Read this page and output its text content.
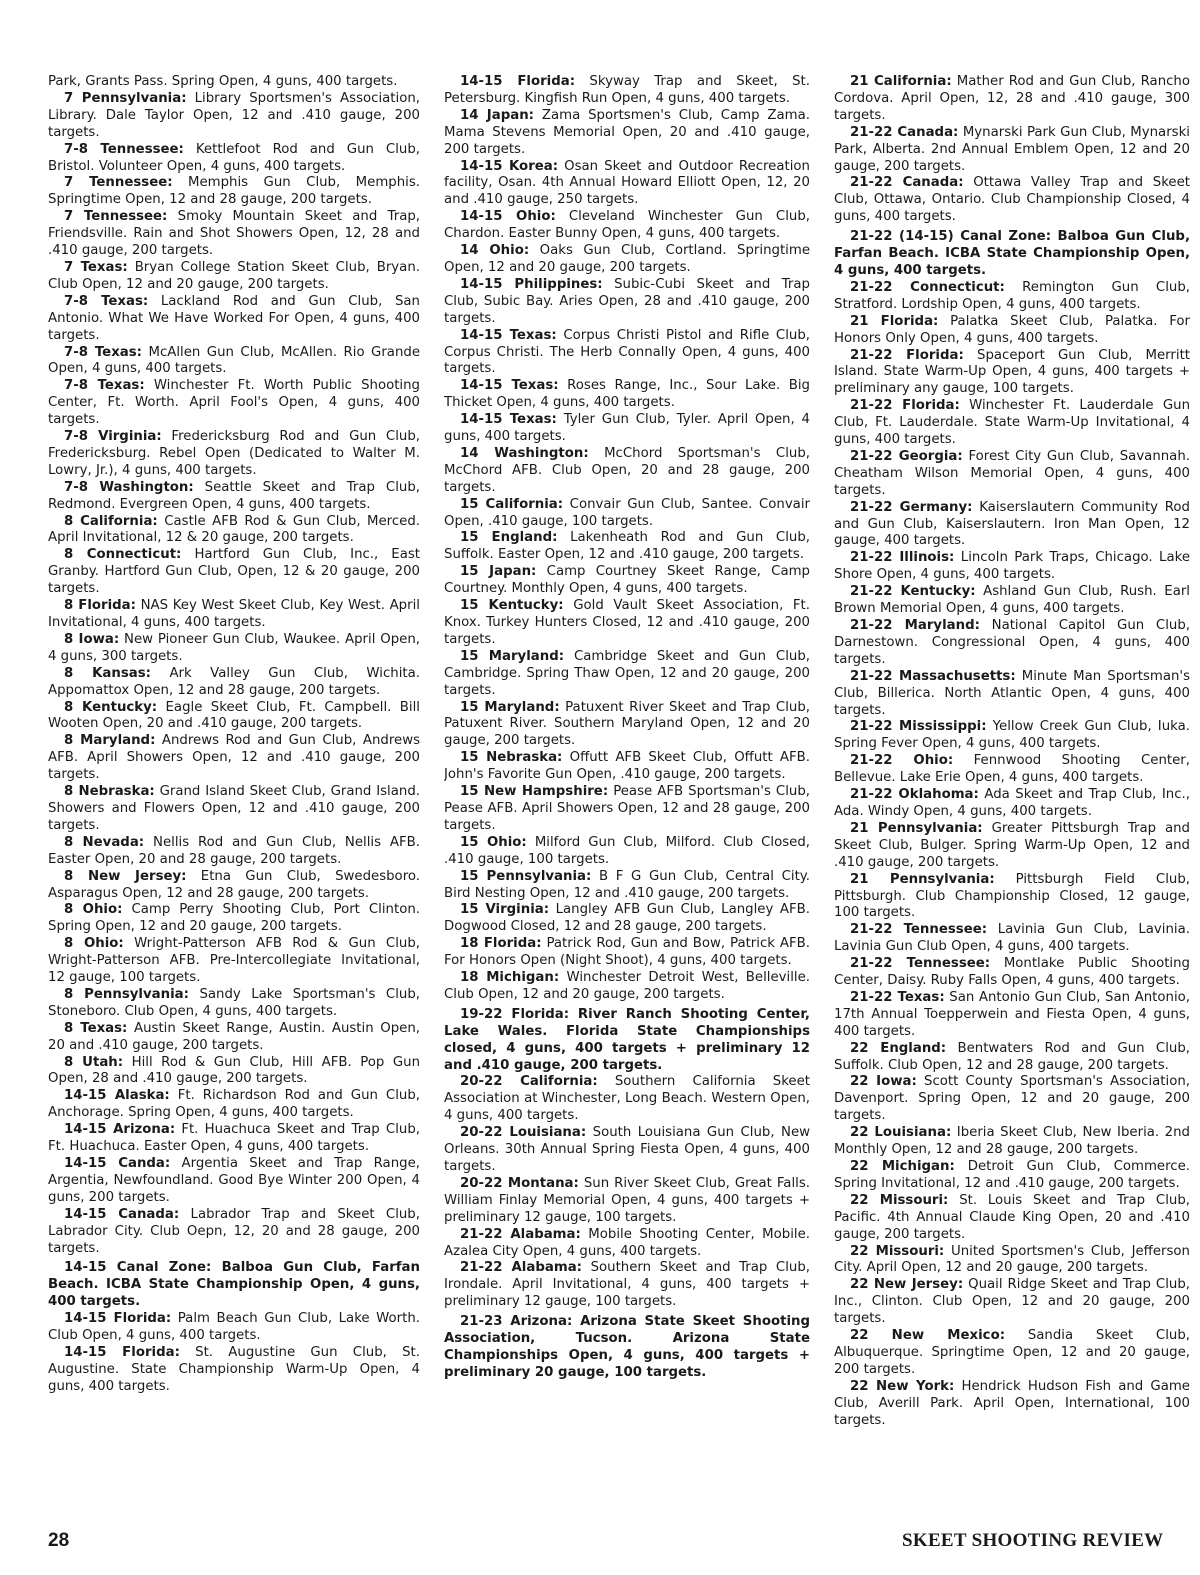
Park, Grants Pass. Spring Open, 4 guns, 400 targets.

7 Pennsylvania: Library Sportsmen's Association, Library. Dale Taylor Open, 12 and .410 gauge, 200 targets.

7-8 Tennessee: Kettlefoot Rod and Gun Club, Bristol. Volunteer Open, 4 guns, 400 targets.

7 Tennessee: Memphis Gun Club, Memphis. Springtime Open, 12 and 28 gauge, 200 targets.

7 Tennessee: Smoky Mountain Skeet and Trap, Friendsville. Rain and Shot Showers Open, 12, 28 and .410 gauge, 200 targets.

7 Texas: Bryan College Station Skeet Club, Bryan. Club Open, 12 and 20 gauge, 200 targets.

7-8 Texas: Lackland Rod and Gun Club, San Antonio. What We Have Worked For Open, 4 guns, 400 targets.

7-8 Texas: McAllen Gun Club, McAllen. Rio Grande Open, 4 guns, 400 targets.

7-8 Texas: Winchester Ft. Worth Public Shooting Center, Ft. Worth. April Fool's Open, 4 guns, 400 targets.

7-8 Virginia: Fredericksburg Rod and Gun Club, Fredericksburg. Rebel Open (Dedicated to Walter M. Lowry, Jr.), 4 guns, 400 targets.

7-8 Washington: Seattle Skeet and Trap Club, Redmond. Evergreen Open, 4 guns, 400 targets.

8 California: Castle AFB Rod & Gun Club, Merced. April Invitational, 12 & 20 gauge, 200 targets.

8 Connecticut: Hartford Gun Club, Inc., East Granby. Hartford Gun Club, Open, 12 & 20 gauge, 200 targets.

8 Florida: NAS Key West Skeet Club, Key West. April Invitational, 4 guns, 400 targets.

8 Iowa: New Pioneer Gun Club, Waukee. April Open, 4 guns, 300 targets.

8 Kansas: Ark Valley Gun Club, Wichita. Appomattox Open, 12 and 28 gauge, 200 targets.

8 Kentucky: Eagle Skeet Club, Ft. Campbell. Bill Wooten Open, 20 and .410 gauge, 200 targets.

8 Maryland: Andrews Rod and Gun Club, Andrews AFB. April Showers Open, 12 and .410 gauge, 200 targets.

8 Nebraska: Grand Island Skeet Club, Grand Island. Showers and Flowers Open, 12 and .410 gauge, 200 targets.

8 Nevada: Nellis Rod and Gun Club, Nellis AFB. Easter Open, 20 and 28 gauge, 200 targets.

8 New Jersey: Etna Gun Club, Swedesboro. Asparagus Open, 12 and 28 gauge, 200 targets.

8 Ohio: Camp Perry Shooting Club, Port Clinton. Spring Open, 12 and 20 gauge, 200 targets.

8 Ohio: Wright-Patterson AFB Rod & Gun Club, Wright-Patterson AFB. Pre-Intercollegiate Invitational, 12 gauge, 100 targets.

8 Pennsylvania: Sandy Lake Sportsman's Club, Stoneboro. Club Open, 4 guns, 400 targets.

8 Texas: Austin Skeet Range, Austin. Austin Open, 20 and .410 gauge, 200 targets.

8 Utah: Hill Rod & Gun Club, Hill AFB. Pop Gun Open, 28 and .410 gauge, 200 targets.

14-15 Alaska: Ft. Richardson Rod and Gun Club, Anchorage. Spring Open, 4 guns, 400 targets.

14-15 Arizona: Ft. Huachuca Skeet and Trap Club, Ft. Huachuca. Easter Open, 4 guns, 400 targets.

14-15 Canda: Argentia Skeet and Trap Range, Argentia, Newfoundland. Good Bye Winter 200 Open, 4 guns, 200 targets.

14-15 Canada: Labrador Trap and Skeet Club, Labrador City. Club Oepn, 12, 20 and 28 gauge, 200 targets.

14-15 Canal Zone: Balboa Gun Club, Farfan Beach. ICBA State Championship Open, 4 guns, 400 targets.

14-15 Florida: Palm Beach Gun Club, Lake Worth. Club Open, 4 guns, 400 targets.

14-15 Florida: St. Augustine Gun Club, St. Augustine. State Championship Warm-Up Open, 4 guns, 400 targets.

14-15 Florida: Skyway Trap and Skeet, St. Petersburg. Kingfish Run Open, 4 guns, 400 targets.

14 Japan: Zama Sportsmen's Club, Camp Zama. Mama Stevens Memorial Open, 20 and .410 gauge, 200 targets.

14-15 Korea: Osan Skeet and Outdoor Recreation facility, Osan. 4th Annual Howard Elliott Open, 12, 20 and .410 gauge, 250 targets.

14-15 Ohio: Cleveland Winchester Gun Club, Chardon. Easter Bunny Open, 4 guns, 400 targets.

14 Ohio: Oaks Gun Club, Cortland. Springtime Open, 12 and 20 gauge, 200 targets.

14-15 Philippines: Subic-Cubi Skeet and Trap Club, Subic Bay. Aries Open, 28 and .410 gauge, 200 targets.

14-15 Texas: Corpus Christi Pistol and Rifle Club, Corpus Christi. The Herb Connally Open, 4 guns, 400 targets.

14-15 Texas: Roses Range, Inc., Sour Lake. Big Thicket Open, 4 guns, 400 targets.

14-15 Texas: Tyler Gun Club, Tyler. April Open, 4 guns, 400 targets.

14 Washington: McChord Sportsman's Club, McChord AFB. Club Open, 20 and 28 gauge, 200 targets.

15 California: Convair Gun Club, Santee. Convair Open, .410 gauge, 100 targets.

15 England: Lakenheath Rod and Gun Club, Suffolk. Easter Open, 12 and .410 gauge, 200 targets.

15 Japan: Camp Courtney Skeet Range, Camp Courtney. Monthly Open, 4 guns, 400 targets.

15 Kentucky: Gold Vault Skeet Association, Ft. Knox. Turkey Hunters Closed, 12 and .410 gauge, 200 targets.

15 Maryland: Cambridge Skeet and Gun Club, Cambridge. Spring Thaw Open, 12 and 20 gauge, 200 targets.

15 Maryland: Patuxent River Skeet and Trap Club, Patuxent River. Southern Maryland Open, 12 and 20 gauge, 200 targets.

15 Nebraska: Offutt AFB Skeet Club, Offutt AFB. John's Favorite Gun Open, .410 gauge, 200 targets.

15 New Hampshire: Pease AFB Sportsman's Club, Pease AFB. April Showers Open, 12 and 28 gauge, 200 targets.

15 Ohio: Milford Gun Club, Milford. Club Closed, .410 gauge, 100 targets.

15 Pennsylvania: B F G Gun Club, Central City. Bird Nesting Open, 12 and .410 gauge, 200 targets.

15 Virginia: Langley AFB Gun Club, Langley AFB. Dogwood Closed, 12 and 28 gauge, 200 targets.

18 Florida: Patrick Rod, Gun and Bow, Patrick AFB. For Honors Open (Night Shoot), 4 guns, 400 targets.

18 Michigan: Winchester Detroit West, Belleville. Club Open, 12 and 20 gauge, 200 targets.

19-22 Florida: River Ranch Shooting Center, Lake Wales. Florida State Championships closed, 4 guns, 400 targets + preliminary 12 and .410 gauge, 200 targets.

20-22 California: Southern California Skeet Association at Winchester, Long Beach. Western Open, 4 guns, 400 targets.

20-22 Louisiana: South Louisiana Gun Club, New Orleans. 30th Annual Spring Fiesta Open, 4 guns, 400 targets.

20-22 Montana: Sun River Skeet Club, Great Falls. William Finlay Memorial Open, 4 guns, 400 targets + preliminary 12 gauge, 100 targets.

21-22 Alabama: Mobile Shooting Center, Mobile. Azalea City Open, 4 guns, 400 targets.

21-22 Alabama: Southern Skeet and Trap Club, Irondale. April Invitational, 4 guns, 400 targets + preliminary 12 gauge, 100 targets.

21-23 Arizona: Arizona State Skeet Shooting Association, Tucson. Arizona State Championships Open, 4 guns, 400 targets + preliminary 20 gauge, 100 targets.

21 California: Mather Rod and Gun Club, Rancho Cordova. April Open, 12, 28 and .410 gauge, 300 targets.

21-22 Canada: Mynarski Park Gun Club, Mynarski Park, Alberta. 2nd Annual Emblem Open, 12 and 20 gauge, 200 targets.

21-22 Canada: Ottawa Valley Trap and Skeet Club, Ottawa, Ontario. Club Championship Closed, 4 guns, 400 targets.

21-22 (14-15) Canal Zone: Balboa Gun Club, Farfan Beach. ICBA State Championship Open, 4 guns, 400 targets.

21-22 Connecticut: Remington Gun Club, Stratford. Lordship Open, 4 guns, 400 targets.

21 Florida: Palatka Skeet Club, Palatka. For Honors Only Open, 4 guns, 400 targets.

21-22 Florida: Spaceport Gun Club, Merritt Island. State Warm-Up Open, 4 guns, 400 targets + preliminary any gauge, 100 targets.

21-22 Florida: Winchester Ft. Lauderdale Gun Club, Ft. Lauderdale. State Warm-Up Invitational, 4 guns, 400 targets.

21-22 Georgia: Forest City Gun Club, Savannah. Cheatham Wilson Memorial Open, 4 guns, 400 targets.

21-22 Germany: Kaiserslautern Community Rod and Gun Club, Kaiserslautern. Iron Man Open, 12 gauge, 400 targets.

21-22 Illinois: Lincoln Park Traps, Chicago. Lake Shore Open, 4 guns, 400 targets.

21-22 Kentucky: Ashland Gun Club, Rush. Earl Brown Memorial Open, 4 guns, 400 targets.

21-22 Maryland: National Capitol Gun Club, Darnestown. Congressional Open, 4 guns, 400 targets.

21-22 Massachusetts: Minute Man Sportsman's Club, Billerica. North Atlantic Open, 4 guns, 400 targets.

21-22 Mississippi: Yellow Creek Gun Club, Iuka. Spring Fever Open, 4 guns, 400 targets.

21-22 Ohio: Fennwood Shooting Center, Bellevue. Lake Erie Open, 4 guns, 400 targets.

21-22 Oklahoma: Ada Skeet and Trap Club, Inc., Ada. Windy Open, 4 guns, 400 targets.

21 Pennsylvania: Greater Pittsburgh Trap and Skeet Club, Bulger. Spring Warm-Up Open, 12 and .410 gauge, 200 targets.

21 Pennsylvania: Pittsburgh Field Club, Pittsburgh. Club Championship Closed, 12 gauge, 100 targets.

21-22 Tennessee: Lavinia Gun Club, Lavinia. Lavinia Gun Club Open, 4 guns, 400 targets.

21-22 Tennessee: Montlake Public Shooting Center, Daisy. Ruby Falls Open, 4 guns, 400 targets.

21-22 Texas: San Antonio Gun Club, San Antonio, 17th Annual Toepperwein and Fiesta Open, 4 guns, 400 targets.

22 England: Bentwaters Rod and Gun Club, Suffolk. Club Open, 12 and 28 gauge, 200 targets.

22 Iowa: Scott County Sportsman's Association, Davenport. Spring Open, 12 and 20 gauge, 200 targets.

22 Louisiana: Iberia Skeet Club, New Iberia. 2nd Monthly Open, 12 and 28 gauge, 200 targets.

22 Michigan: Detroit Gun Club, Commerce. Spring Invitational, 12 and .410 gauge, 200 targets.

22 Missouri: St. Louis Skeet and Trap Club, Pacific. 4th Annual Claude King Open, 20 and .410 gauge, 200 targets.

22 Missouri: United Sportsmen's Club, Jefferson City. April Open, 12 and 20 gauge, 200 targets.

22 New Jersey: Quail Ridge Skeet and Trap Club, Inc., Clinton. Club Open, 12 and 20 gauge, 200 targets.

22 New Mexico: Sandia Skeet Club, Albuquerque. Springtime Open, 12 and 20 gauge, 200 targets.

22 New York: Hendrick Hudson Fish and Game Club, Averill Park. April Open, International, 100 targets.

28	SKEET SHOOTING REVIEW
